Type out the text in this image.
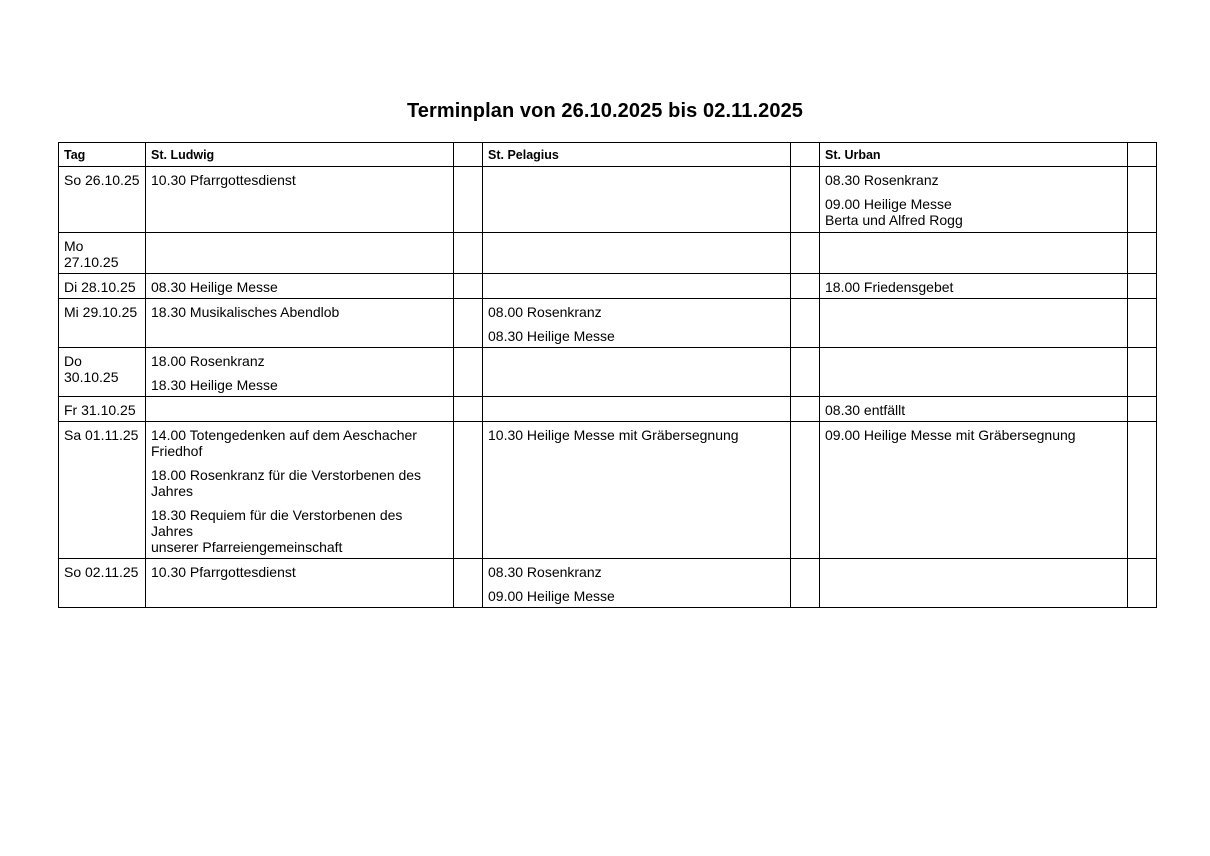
Terminplan von 26.10.2025 bis 02.11.2025
Tag	St. Ludwig		St. Pelagius		St. Urban	
So 26.10.25	10.30 Pfarrgottesdienst				08.30 Rosenkranz
09.00 Heilige Messe
Berta und Alfred Rogg	

Mo 27.10.25						
Di 28.10.25	08.30 Heilige Messe				18.00 Friedensgebet	

Mi 29.10.25	18.30 Musikalisches Abendlob		08.00 Rosenkranz
08.30 Heilige Messe			

Do 30.10.25	18.00 Rosenkranz
18.30 Heilige Messe					

Fr 31.10.25					08.30 entfällt	

Sa 01.11.25	14.00 Totengedenken auf dem Aeschacher
Friedhof
18.00 Rosenkranz für die Verstorbenen des Jahres
18.30 Requiem für die Verstorbenen des Jahres
unserer Pfarreiengemeinschaft		10.30 Heilige Messe mit Gräbersegnung		09.00 Heilige Messe mit Gräbersegnung	

So 02.11.25	10.30 Pfarrgottesdienst		08.30 Rosenkranz
09.00 Heilige Messe			
